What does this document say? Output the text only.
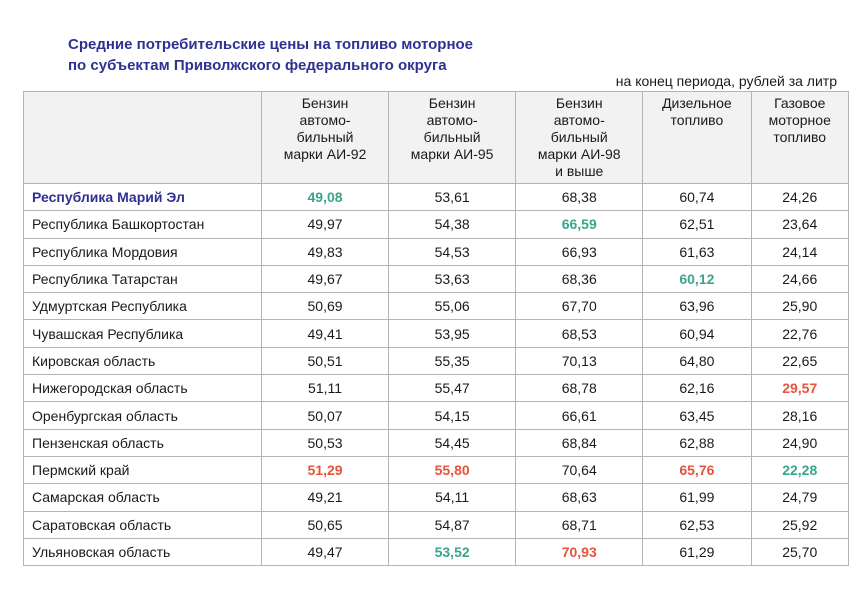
Средние потребительские цены на топливо моторное
по субъектам Приволжского федерального округа
на конец периода, рублей за литр
	Бензин
автомо-
бильный
марки АИ-92	Бензин
автомо-
бильный
марки АИ-95	Бензин
автомо-
бильный
марки АИ-98
и выше	Дизельное
топливо	Газовое
моторное
топливо
Республика Марий Эл	49,08	53,61	68,38	60,74	24,26
Республика Башкортостан	49,97	54,38	66,59	62,51	23,64
Республика Мордовия	49,83	54,53	66,93	61,63	24,14
Республика Татарстан	49,67	53,63	68,36	60,12	24,66
Удмуртская Республика	50,69	55,06	67,70	63,96	25,90
Чувашская Республика	49,41	53,95	68,53	60,94	22,76
Кировская область	50,51	55,35	70,13	64,80	22,65
Нижегородская область	51,11	55,47	68,78	62,16	29,57
Оренбургская область	50,07	54,15	66,61	63,45	28,16
Пензенская область	50,53	54,45	68,84	62,88	24,90
Пермский край	51,29	55,80	70,64	65,76	22,28
Самарская область	49,21	54,11	68,63	61,99	24,79
Саратовская область	50,65	54,87	68,71	62,53	25,92
Ульяновская область	49,47	53,52	70,93	61,29	25,70
